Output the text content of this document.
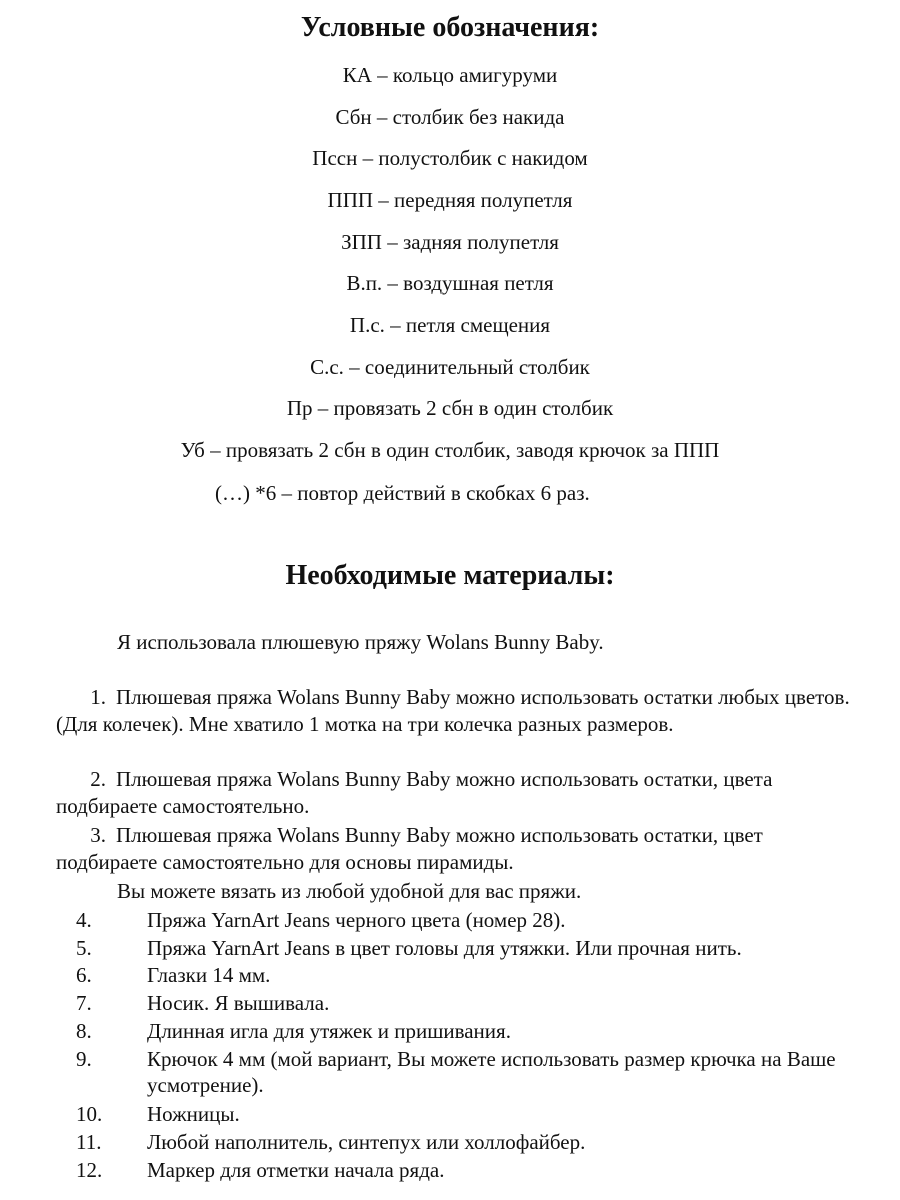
Условные обозначения:
КА – кольцо амигуруми
Сбн – столбик без накида
Пссн – полустолбик с накидом
ППП – передняя полупетля
ЗПП – задняя полупетля
В.п. – воздушная петля
П.с. – петля смещения
С.с. – соединительный столбик
Пр – провязать 2 сбн в один столбик
Уб – провязать 2 сбн в один столбик, заводя крючок за ППП
(…) *6 – повтор действий в скобках 6 раз.
Необходимые материалы:
Я использовала плюшевую пряжу Wolans Bunny Baby.
1. Плюшевая пряжа Wolans Bunny Baby можно использовать остатки любых цветов. (Для колечек). Мне хватило 1 мотка на три колечка разных размеров.
2. Плюшевая пряжа Wolans Bunny Baby можно использовать остатки, цвета подбираете самостоятельно.
3. Плюшевая пряжа Wolans Bunny Baby можно использовать остатки, цвет подбираете самостоятельно для основы пирамиды.
Вы можете вязать из любой удобной для вас пряжи.
4.	Пряжа YarnArt Jeans черного цвета (номер 28).
5.	Пряжа YarnArt Jeans в цвет головы для утяжки. Или прочная нить.
6.	Глазки 14 мм.
7.	Носик. Я вышивала.
8.	Длинная игла для утяжек и пришивания.
9.	Крючок 4 мм (мой вариант, Вы можете использовать размер крючка на Ваше усмотрение).
10.	Ножницы.
11.	Любой наполнитель, синтепух или холлофайбер.
12.	Маркер для отметки начала ряда.
